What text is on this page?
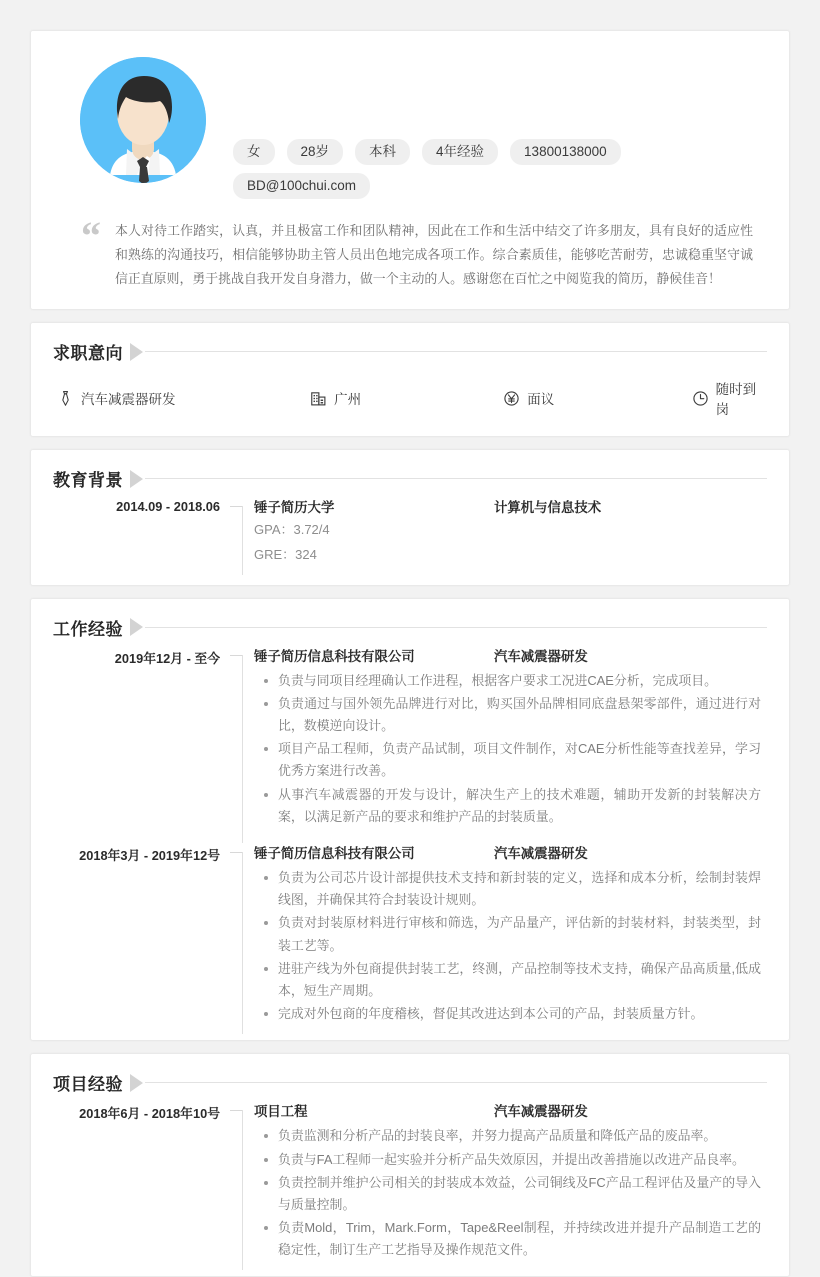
女	28岁	本科	4年经验	13800138000
BD@100chui.com
“	本人对待工作踏实，认真，并且极富工作和团队精神，因此在工作和生活中结交了许多朋友，具有良好的适应性和熟练的沟通技巧，相信能够协助主管人员出色地完成各项工作。综合素质佳，能够吃苦耐劳，忠诚稳重坚守诚信正直原则，勇于挑战自我开发自身潜力，做一个主动的人。感谢您在百忙之中阅览我的简历，静候佳音！
求职意向
汽车减震器研发	广州	面议
随时到岗
教育背景
2014.09 - 2018.06	锤子简历大学	计算机与信息技术
GPA：3.72/4
GRE：324
工作经验
2019年12月 - 至今	锤子简历信息科技有限公司	汽车减震器研发
负责与同项目经理确认工作进程，根据客户要求工况进CAE分析，完成项目。
负责通过与国外领先品牌进行对比，购买国外品牌相同底盘悬架零部件，通过进行对比，数模逆向设计。
项目产品工程师，负责产品试制，项目文件制作，对CAE分析性能等查找差异，学习优秀方案进行改善。
从事汽车减震器的开发与设计，解决生产上的技术难题，辅助开发新的封装解决方案，以满足新产品的要求和维护产品的封装质量。
2018年3月 - 2019年12号	锤子简历信息科技有限公司	汽车减震器研发
负责为公司芯片设计部提供技术支持和新封装的定义，选择和成本分析，绘制封装焊线图，并确保其符合封装设计规则。
负责对封装原材料进行审核和筛选，为产品量产，评估新的封装材料，封装类型，封装工艺等。
进驻产线为外包商提供封装工艺，终测，产品控制等技术支持，确保产品高质量,低成本，短生产周期。
完成对外包商的年度稽核，督促其改进达到本公司的产品，封装质量方针。
项目经验
2018年6月 - 2018年10号	项目工程	汽车减震器研发
负责监测和分析产品的封装良率，并努力提高产品质量和降低产品的废品率。
负责与FA工程师一起实验并分析产品失效原因，并提出改善措施以改进产品良率。
负责控制并维护公司相关的封装成本效益，公司铜线及FC产品工程评估及量产的导入与质量控制。
负责Mold，Trim，Mark.Form，Tape&Reel制程，并持续改进并提升产品制造工艺的稳定性，制订生产工艺指导及操作规范文件。
